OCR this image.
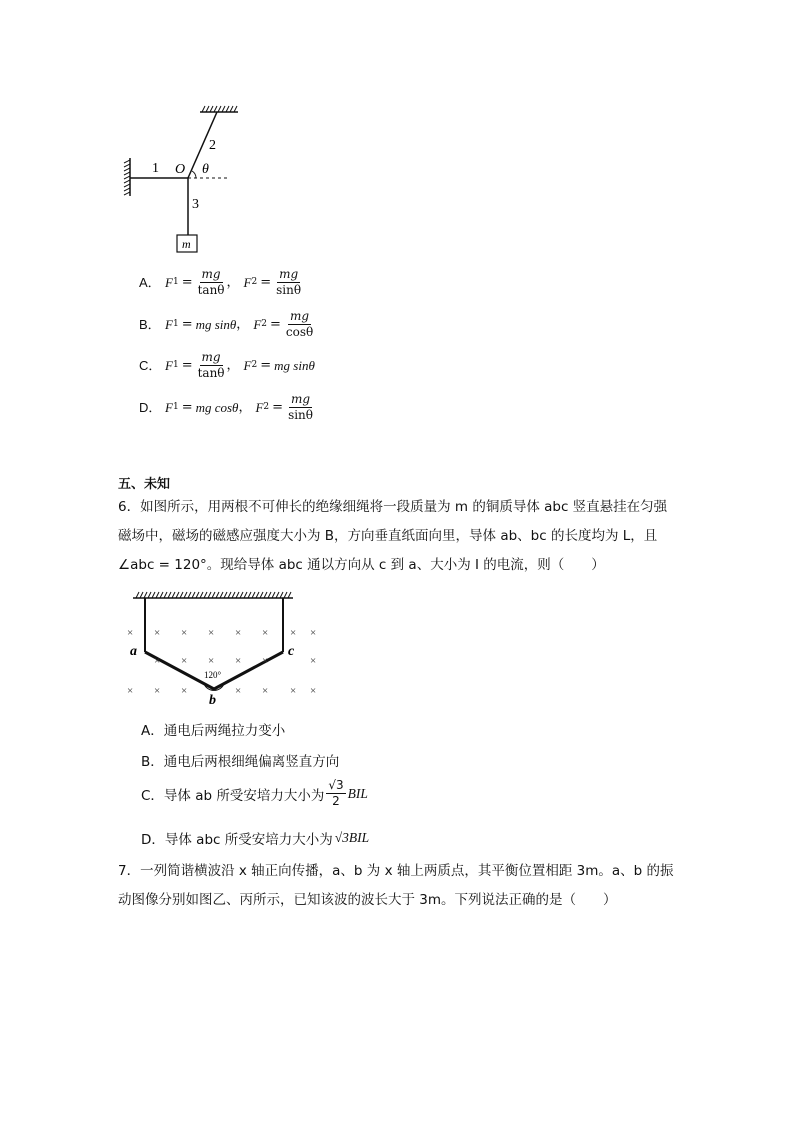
1
2
3
O θ
m
A． F $1 = \frac{mg}{\tan\theta}$ ， F $2 = \frac{mg}{\sin\theta}$
B． F 1 = mg sinθ ， F $2 = \frac{mg}{\cos\theta}$
C． F $1 = \frac{mg}{\tan\theta}$ ， F 2 = mg sinθ
D． F 1 = mg cosθ ， F $2 = \frac{mg}{\sin\theta}$
五、未知
6．如图所示，用两根不可伸长的绝缘细绳将一段质量为 m 的铜质导体 abc 竖直悬挂在匀强
磁场中，磁场的磁感应强度大小为 B，方向垂直纸面向里，导体 ab、bc 的长度均为 L，且
∠abc = 120°。现给导体 abc 通以方向从 c 到 a、大小为 I 的电流，则（　　）
× × × × × × × ×
× × × × ×	×
× × ×	× × × ×
a
b
c
120°
A．通电后两绳拉力变小
B．通电后两根细绳偏离竖直方向
C．导体 ab 所受安培力大小为 $\frac{√3}{2}$ BIL
D．导体 abc 所受安培力大小为 √3BIL
7．一列简谐横波沿 x 轴正向传播，a、b 为 x 轴上两质点，其平衡位置相距 3m。a、b 的振
动图像分别如图乙、丙所示，已知该波的波长大于 3m。下列说法正确的是（　　）
